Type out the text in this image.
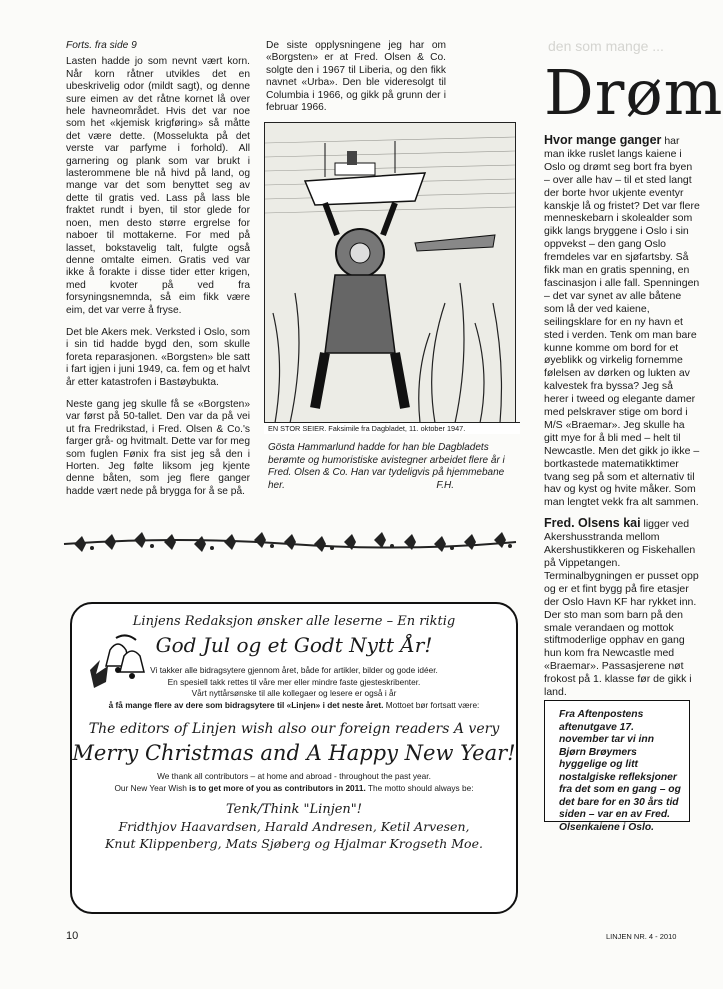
Forts. fra side 9

Lasten hadde jo som nevnt vært korn. Når korn råtner utvikles det en ubeskrivelig odor (mildt sagt), og denne sure eimen av det råtne kornet lå over hele havneområdet. Hvis det var noe som het «kjemisk krigføring» så måtte det være dette. (Mosselukta på det verste var parfyme i forhold). All garnering og plank som var brukt i lasterommene ble nå hivd på land, og mange var det som benyttet seg av dette til gratis ved. Lass på lass ble fraktet rundt i byen, til stor glede for noen, men desto større ergrelse for naboer til mottakerne. For med på lasset, bokstavelig talt, fulgte også denne omtalte eimen. Gratis ved var ikke å forakte i disse tider etter krigen, med kvoter på ved fra forsyningsnemnda, så eim fikk være eim, det var verre å fryse.

Det ble Akers mek. Verksted i Oslo, som i sin tid hadde bygd den, som skulle foreta reparasjonen. «Borgsten» ble satt i fart igjen i juni 1949, ca. fem og et halvt år etter katastrofen i Bastøybukta.

Neste gang jeg skulle få se «Borgsten» var først på 50-tallet. Den var da på vei ut fra Fredrikstad, i Fred. Olsen & Co.'s farger grå- og hvitmalt. Dette var for meg som fuglen Fønix fra sist jeg så den i Horten. Jeg følte liksom jeg kjente denne båten, som jeg flere ganger hadde vært nede på brygga for å se på.

De siste opplysningene jeg har om «Borgsten» er at Fred. Olsen & Co. solgte den i 1967 til Liberia, og den fikk navnet «Urba». Den ble videresolgt til Columbia i 1966, og gikk på grunn der i februar 1966.

EN STOR SEIER. Faksimile fra Dagbladet, 11. oktober 1947.
Gösta Hammarlund hadde for han ble Dagbladets berømte og humoristiske avistegner arbeidet flere år i Fred. Olsen & Co. Han var tydeligvis på hjemmebane her.	F.H.
Linjens Redaksjon ønsker alle leserne – En riktig
God Jul og et Godt Nytt År!
Vi takker alle bidragsytere gjennom året, både for artikler, bilder og gode idéer.
En spesiell takk rettes til våre mer eller mindre faste gjesteskribenter.
Vårt nyttårsønske til alle kollegaer og lesere er også i år
å få mange flere av dere som bidragsytere til «Linjen» i det neste året. Mottoet bør fortsatt være:
The editors of Linjen wish also our foreign readers A very
Merry Christmas and A Happy New Year!
We thank all contributors – at home and abroad - throughout the past year.
Our New Year Wish is to get more of you as contributors in 2011. The motto should always be:
Tenk/Think "Linjen"!
Fridthjov Haavardsen, Harald Andresen, Ketil Arvesen,
Knut Klippenberg, Mats Sjøberg og Hjalmar Krogseth Moe.
den som mange ...
Drøm
Hvor mange ganger har man ikke ruslet langs kaiene i Oslo og drømt seg bort fra byen – over alle hav – til et sted langt der borte hvor ukjente eventyr kanskje lå og fristet? Det var flere menneskebarn i skolealder som gikk langs bryggene i Oslo i sin oppvekst – den gang Oslo fremdeles var en sjøfartsby. Så fikk man en gratis spenning, en fascinasjon i alle fall. Spenningen – det var synet av alle båtene som lå der ved kaiene, seilingsklare for en ny havn et sted i verden. Tenk om man bare kunne komme om bord for et øyeblikk og virkelig fornemme følelsen av dørken og lukten av kalvestek fra byssa? Jeg så herer i tweed og elegante damer med pelskraver stige om bord i M/S «Braemar». Jeg skulle ha gitt mye for å bli med – helt til Newcastle. Men det gikk jo ikke – bortkastede matematikktimer tvang seg på som et alternativ til hav og kyst og hvite måker. Som man lengtet vekk fra alt sammen.
Fred. Olsens kai ligger ved Akershusstranda mellom Akershustikkeren og Fiskehallen på Vippetangen. Terminalbygningen er pusset opp og er et fint bygg på fire etasjer der Oslo Havn KF har rykket inn. Der sto man som barn på den smale verandaen og mottok stiftmoderlige opphav en gang hun kom fra Newcastle med «Braemar». Passasjerene nøt frokost på 1. klasse før de gikk i land.
Fra Aftenpostens aftenutgave 17. november tar vi inn Bjørn Brøymers hyggelige og litt nostalgiske refleksjoner fra det som en gang – og det bare for en 30 års tid siden – var en av Fred. Olsenkaiene i Oslo.
10	LINJEN NR. 4 - 2010
